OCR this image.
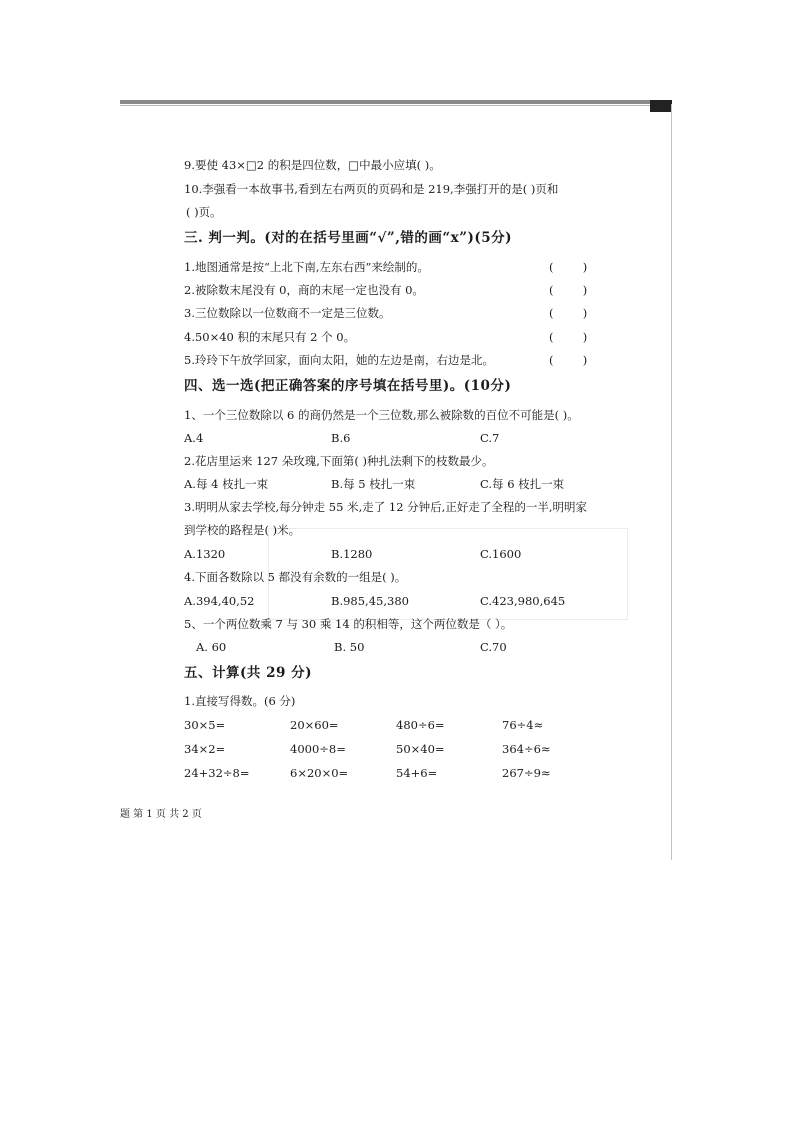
9.要使 43×□2 的积是四位数，□中最小应填( )。
10.李强看一本故事书,看到左右两页的页码和是 219,李强打开的是( )页和
( )页。
三. 判一判。(对的在括号里画“√”,错的画“x”)(5分)
1.地图通常是按“上北下南,左东右西”来绘制的。	(        )
2.被除数末尾没有 0，商的末尾一定也没有 0。	(        )
3.三位数除以一位数商不一定是三位数。	(        )
4.50×40 积的末尾只有 2 个 0。	(        )
5.玲玲下午放学回家，面向太阳，她的左边是南，右边是北。	(        )
四、选一选(把正确答案的序号填在括号里)。(10分)
1、一个三位数除以 6 的商仍然是一个三位数,那么被除数的百位不可能是( )。
A.4	B.6	C.7
2.花店里运来 127 朵玫瑰,下面第( )种扎法剩下的枝数最少。
A.每 4 枝扎一束	B.每 5 枝扎一束	C.每 6 枝扎一束
3.明明从家去学校,每分钟走 55 米,走了 12 分钟后,正好走了全程的一半,明明家
到学校的路程是( )米。
A.1320	B.1280	C.1600
4.下面各数除以 5 都没有余数的一组是( )。
A.394,40,52	B.985,45,380	C.423,980,645
5、一个两位数乘 7 与 30 乘 14 的积相等，这个两位数是（ ）。
A. 60	B. 50	C.70
五、计算(共 29 分)
1.直接写得数。(6 分)
30×5=	20×60=	480÷6=	76÷4≈
34×2=	4000÷8=	50×40=	364÷6≈
24+32÷8=	6×20×0=	54+6=	267÷9≈
题 第 1 页 共 2 页
